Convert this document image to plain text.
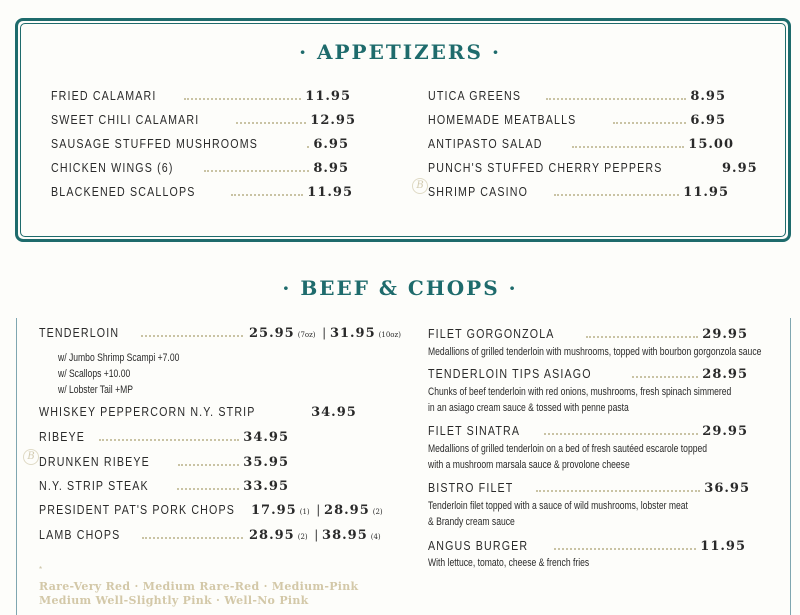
· APPETIZERS ·
FRIED CALAMARI	11.95
SWEET CHILI CALAMARI	12.95
SAUSAGE STUFFED MUSHROOMS	6.95
CHICKEN WINGS (6)	8.95
BLACKENED SCALLOPS	11.95
UTICA GREENS	8.95
HOMEMADE MEATBALLS	6.95
ANTIPASTO SALAD	15.00
PUNCH'S STUFFED CHERRY PEPPERS	9.95
SHRIMP CASINO	11.95
B
· BEEF & CHOPS ·
TENDERLOIN	25.95 (7oz) | 31.95 (10oz)
w/ Jumbo Shrimp Scampi +7.00
w/ Scallops +10.00
w/ Lobster Tail +MP
WHISKEY PEPPERCORN N.Y. STRIP	34.95
RIBEYE	34.95
DRUNKEN RIBEYE	35.95
B
N.Y. STRIP STEAK	33.95
PRESIDENT PAT'S PORK CHOPS 17.95 (1) | 28.95 (2)
LAMB CHOPS	28.95 (2) | 38.95 (4)
*
Rare-Very Red · Medium Rare-Red · Medium-Pink
Medium Well-Slightly Pink · Well-No Pink
FILET GORGONZOLA	29.95
Medallions of grilled tenderloin with mushrooms, topped with bourbon gorgonzola sauce
TENDERLOIN TIPS ASIAGO	28.95
Chunks of beef tenderloin with red onions, mushrooms, fresh spinach simmered
in an asiago cream sauce & tossed with penne pasta
FILET SINATRA	29.95
Medallions of grilled tenderloin on a bed of fresh sautéed escarole topped
with a mushroom marsala sauce & provolone cheese
BISTRO FILET	36.95
Tenderloin filet topped with a sauce of wild mushrooms, lobster meat
& Brandy cream sauce
ANGUS BURGER	11.95
With lettuce, tomato, cheese & french fries
